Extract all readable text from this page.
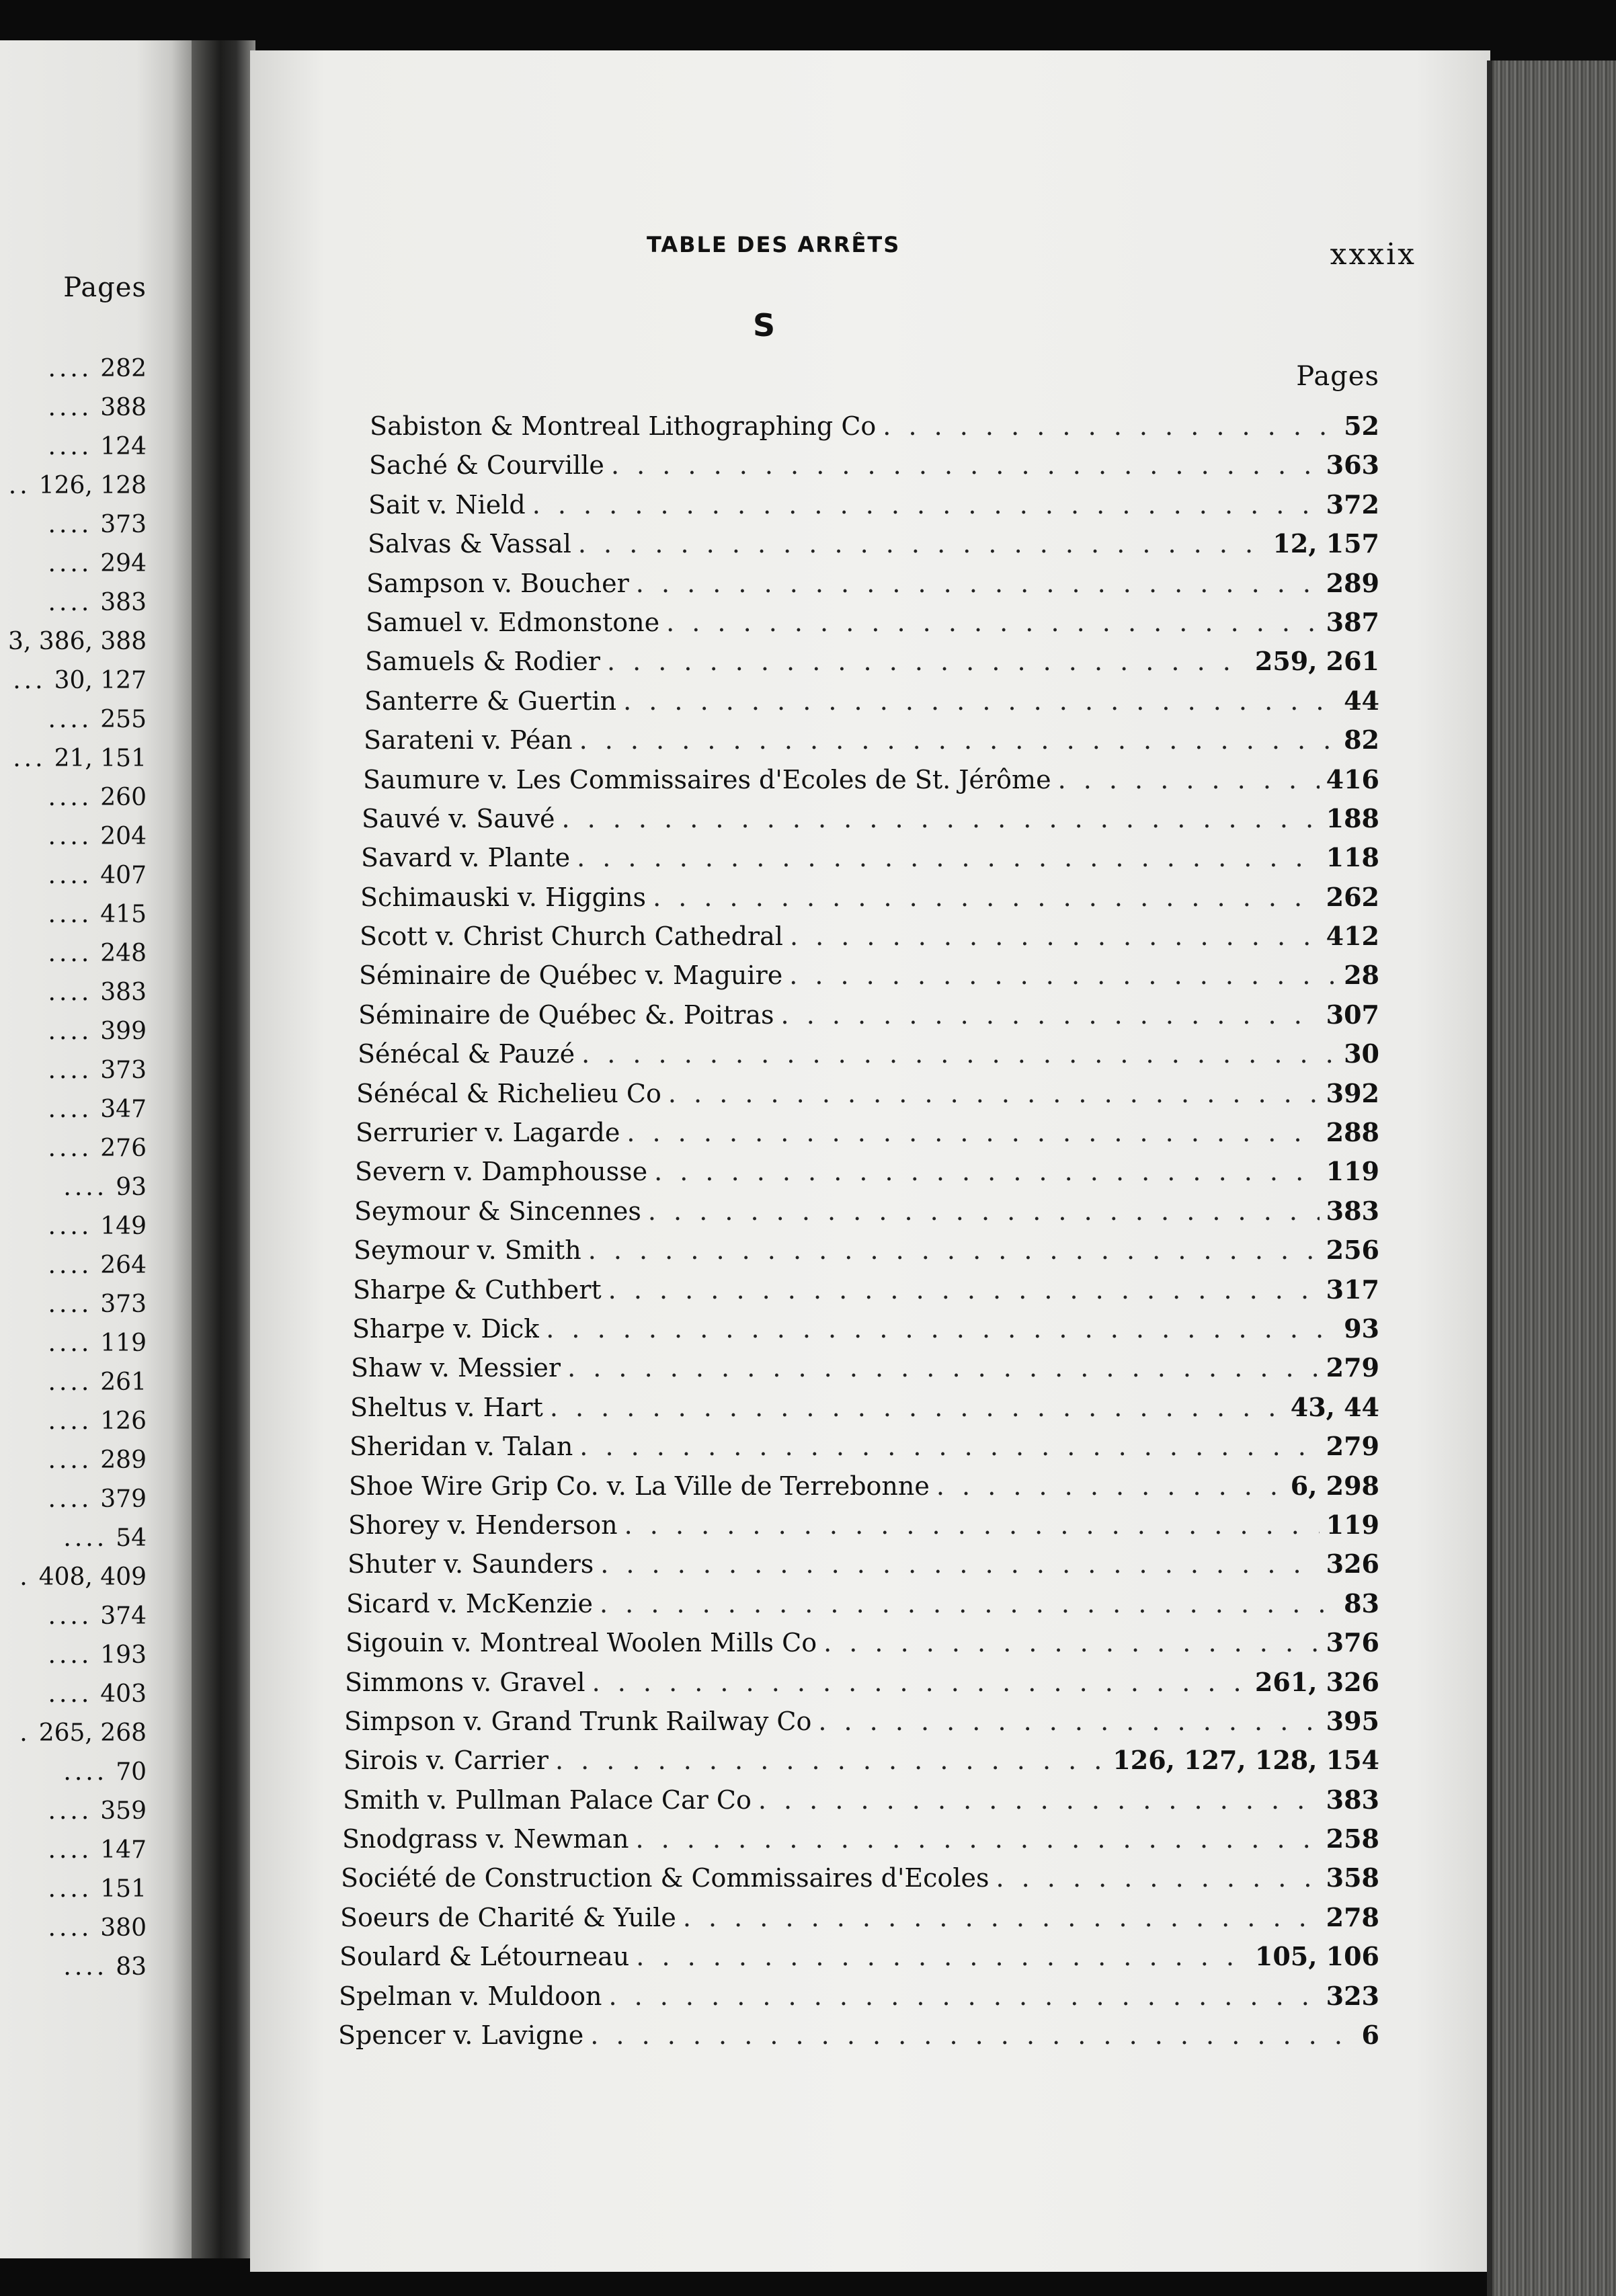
Pages
.... 282
.... 388
.... 124
.. 126, 128
.... 373
.... 294
.... 383
3, 386, 388
... 30, 127
.... 255
... 21, 151
.... 260
.... 204
.... 407
.... 415
.... 248
.... 383
.... 399
.... 373
.... 347
.... 276
.... 93
.... 149
.... 264
.... 373
.... 119
.... 261
.... 126
.... 289
.... 379
.... 54
. 408, 409
.... 374
.... 193
.... 403
. 265, 268
.... 70
.... 359
.... 147
.... 151
.... 380
.... 83
TABLE DES ARRÊTS	xxxix
S
Pages
Sabiston & Montreal Lithographing Co . . .	52
Saché & Courville . . .	363
Sait v. Nield . . .	372
Salvas & Vassal . . .	12, 157
Sampson v. Boucher . . .	289
Samuel v. Edmonstone . . .	387
Samuels & Rodier . . .	259, 261
Santerre & Guertin . . .	44
Sarateni v. Péan . . .	82
Saumure v. Les Commissaires d'Ecoles de St. Jérôme . . .	416
Sauvé v. Sauvé . . .	188
Savard v. Plante . . .	118
Schimauski v. Higgins . . .	262
Scott v. Christ Church Cathedral . . .	412
Séminaire de Québec v. Maguire . . .	28
Séminaire de Québec &. Poitras . . .	307
Sénécal & Pauzé . . .	30
Sénécal & Richelieu Co . . .	392
Serrurier v. Lagarde . . .	288
Severn v. Damphousse . . .	119
Seymour & Sincennes . . .	383
Seymour v. Smith . . .	256
Sharpe & Cuthbert . . .	317
Sharpe v. Dick . . .	93
Shaw v. Messier . . .	279
Sheltus v. Hart . . .	43, 44
Sheridan v. Talan . . .	279
Shoe Wire Grip Co. v. La Ville de Terrebonne . . .	6, 298
Shorey v. Henderson . . .	119
Shuter v. Saunders . . .	326
Sicard v. McKenzie . . .	83
Sigouin v. Montreal Woolen Mills Co . . .	376
Simmons v. Gravel . . .	261, 326
Simpson v. Grand Trunk Railway Co . . .	395
Sirois v. Carrier . . .	126, 127, 128, 154
Smith v. Pullman Palace Car Co . . .	383
Snodgrass v. Newman . . .	258
Société de Construction & Commissaires d'Ecoles . . .	358
Soeurs de Charité & Yuile . . .	278
Soulard & Létourneau . . .	105, 106
Spelman v. Muldoon . . .	323
Spencer v. Lavigne . . .	6
